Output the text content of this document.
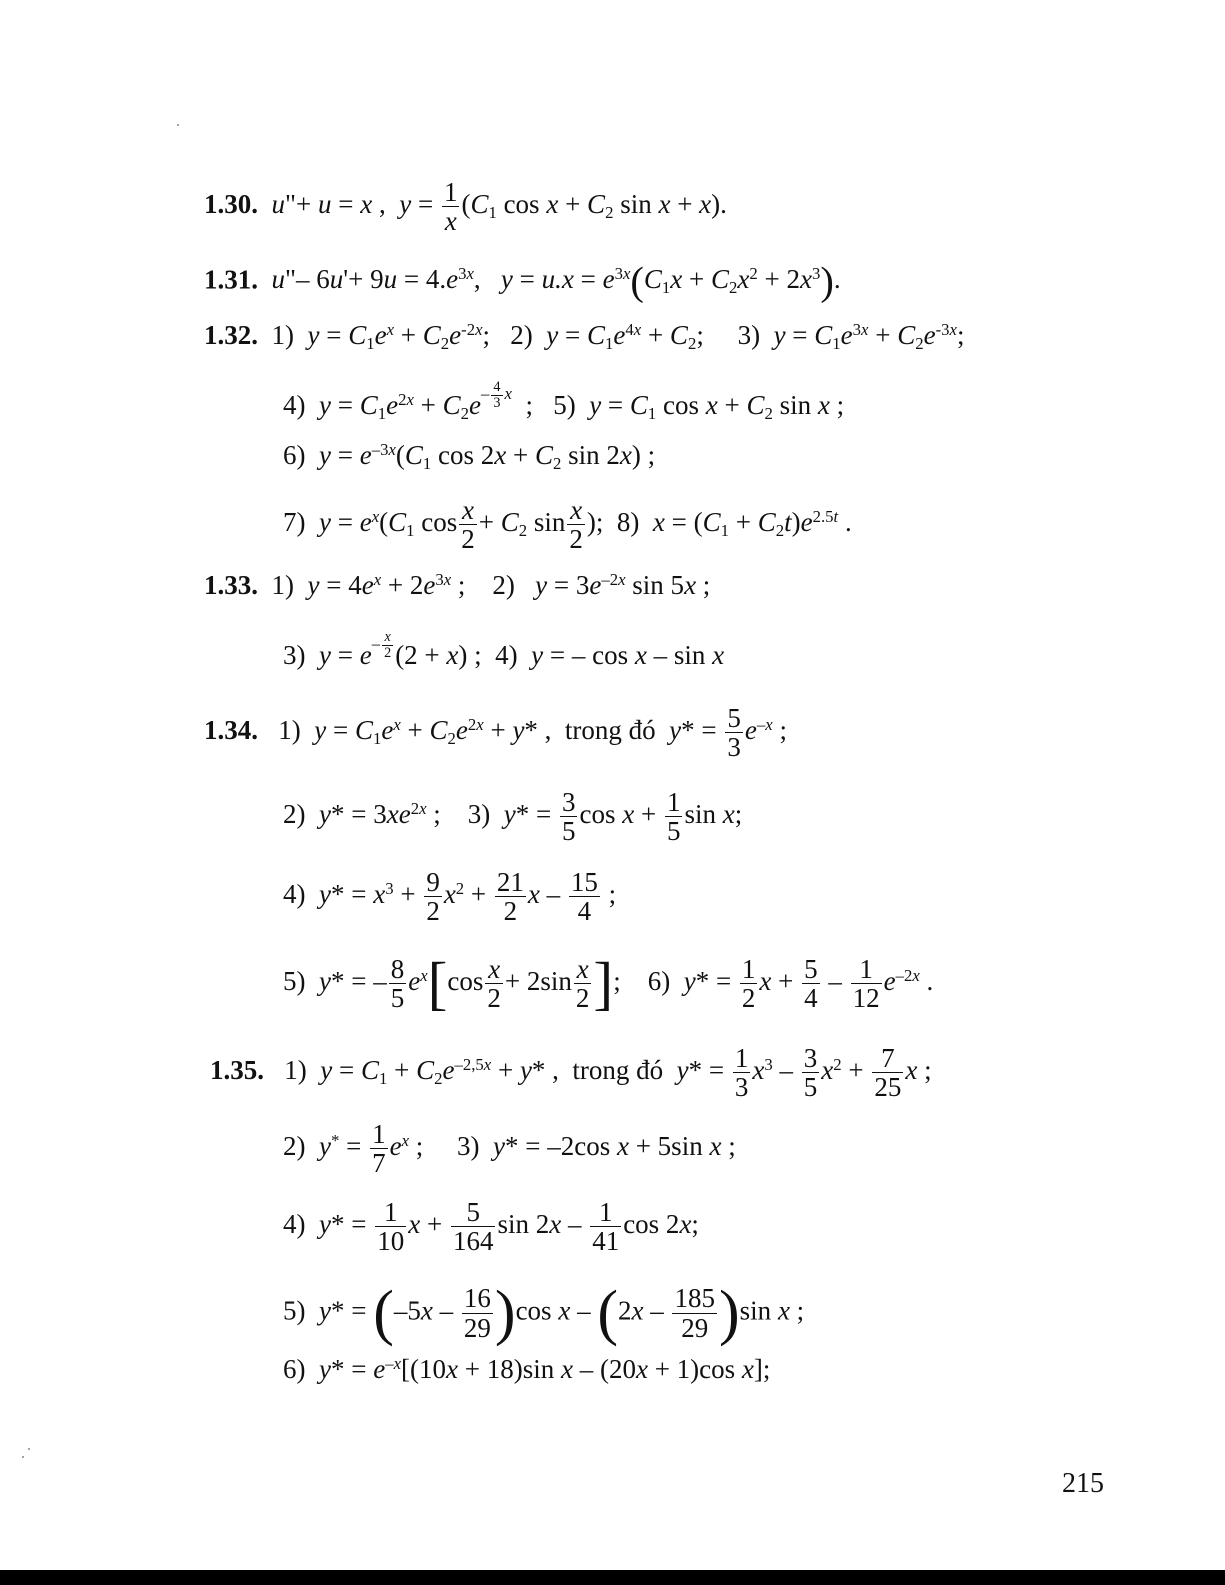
1.30. u"+ u = x ,  $y = \frac{1}{x} (C_1$ $\cos x + C_2$ sin x + x).
1.31. u"– $6u'+ 9u = 4.e^{3x}$,   $y = u.x = e^{3x}(C_1x + C_2x^2 + 2x^3)$.
1.32.  1)  $y = C_1e^x + C_2e^{-2x}$;   2)  $y = C_1e^{4x} + C_2$;     3)  $y = C_1e^{3x} + C_2e^{-3x}$;
4)  $y = C_1e^{2x} + C_2e^{- \frac{4}{3} x}$  ;   5)  $y = C_1$ $\cos x + C_2$ sin x ;
6)  $y = e^{-3x}(C_1$ $\cos 2x + C_2$ sin 2x) ;
7)  $y = e^x(C_1$ $\cos \frac{x}{2} + C_2$ $\sin \frac{x}{2}$ );  8)  $x = (C_1 + C_2t)e^{2.5t}$ .
1.33.  1)  $y = 4e^x + 2e^{3x}$ ;    2)   $y = 3e^{-2x}$ sin 5x ;
3)  $y = e^{- \frac{x}{2}}$ (2 + x) ;  4)  y = – cos x – sin x
1.34.   1)  $y = C_1e^x + C_2e^{2x} + y*$ ,  trong đó  $y* = \frac{5}{3} e^{-x}$ ;
2)  $y* = 3xe^{2x}$ ;    3)  $y* = \frac{3}{5}$ $\cos x + \frac{1}{5}$ sin x;
4)  $y* = x^3 + \frac{9}{2} x^2 + \frac{21}{2}$ x – $\frac{15}{4}$ ;
5)  y* = – $\frac{8}{5} e^x[\cos \frac{x}{2} + 2\sin \frac{x}{2}$ ];    6)  $y* = \frac{1}{2}$ $x + \frac{5}{4} - \frac{1}{12} e^{-2x}$ .
1.35.   1)  $y = C_1 + C_2e^{-2,5x} + y*$ ,  trong đó  $y* = \frac{1}{3} x^3 - \frac{3}{5} x^2 + \frac{7}{25}$ x ;
2)  $y^* = \frac{1}{7} e^x$ ;     3)  y* = –2cos x + 5sin x ;
4)  $y* = \frac{1}{10}$ $x + \frac{5}{164}$ $\sin 2x - \frac{1}{41}$ cos 2x;
5)  $y* = (-5x - \frac{16}{29} )\cos$ x – $(2x - \frac{185}{29} )\sin$ x ;
6)  $y* = e^{-x}[(10x + 18)\sin$ x – (20x + 1)cos x];
215
